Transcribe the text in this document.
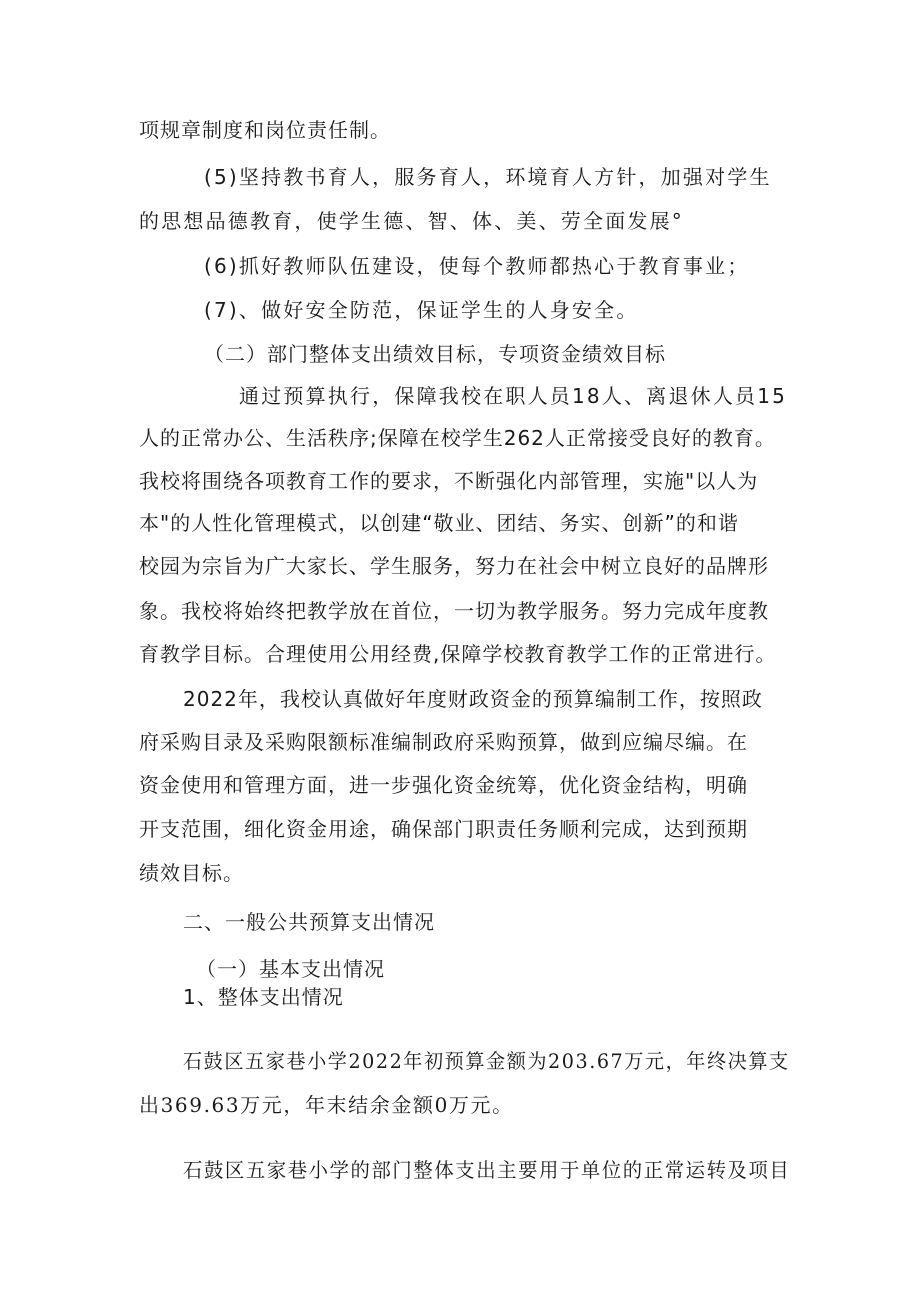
项规章制度和岗位责任制。

(5)坚持教书育人，服务育人，环境育人方针，加强对学生

的思想品德教育，使学生德、智、体、美、劳全面发展°

(6)抓好教师队伍建设，使每个教师都热心于教育事业；

(7)、做好安全防范，保证学生的人身安全。

（二）部门整体支出绩效目标，专项资金绩效目标

通过预算执行，保障我校在职人员18人、离退休人员15

人的正常办公、生活秩序;保障在校学生262人正常接受良好的教育。

我校将围绕各项教育工作的要求，不断强化内部管理，实施"以人为

本"的人性化管理模式，以创建“敬业、团结、务实、创新”的和谐

校园为宗旨为广大家长、学生服务，努力在社会中树立良好的品牌形

象。我校将始终把教学放在首位，一切为教学服务。努力完成年度教

育教学目标。合理使用公用经费,保障学校教育教学工作的正常进行。

2022年，我校认真做好年度财政资金的预算编制工作，按照政

府采购目录及采购限额标准编制政府采购预算，做到应编尽编。在

资金使用和管理方面，进一步强化资金统筹，优化资金结构，明确

开支范围，细化资金用途，确保部门职责任务顺利完成，达到预期

绩效目标。

二、一般公共预算支出情况

（一）基本支出情况

1、整体支出情况

石鼓区五家巷小学2022年初预算金额为203.67万元，年终决算支

出369.63万元，年末结余金额0万元。

石鼓区五家巷小学的部门整体支出主要用于单位的正常运转及项目
